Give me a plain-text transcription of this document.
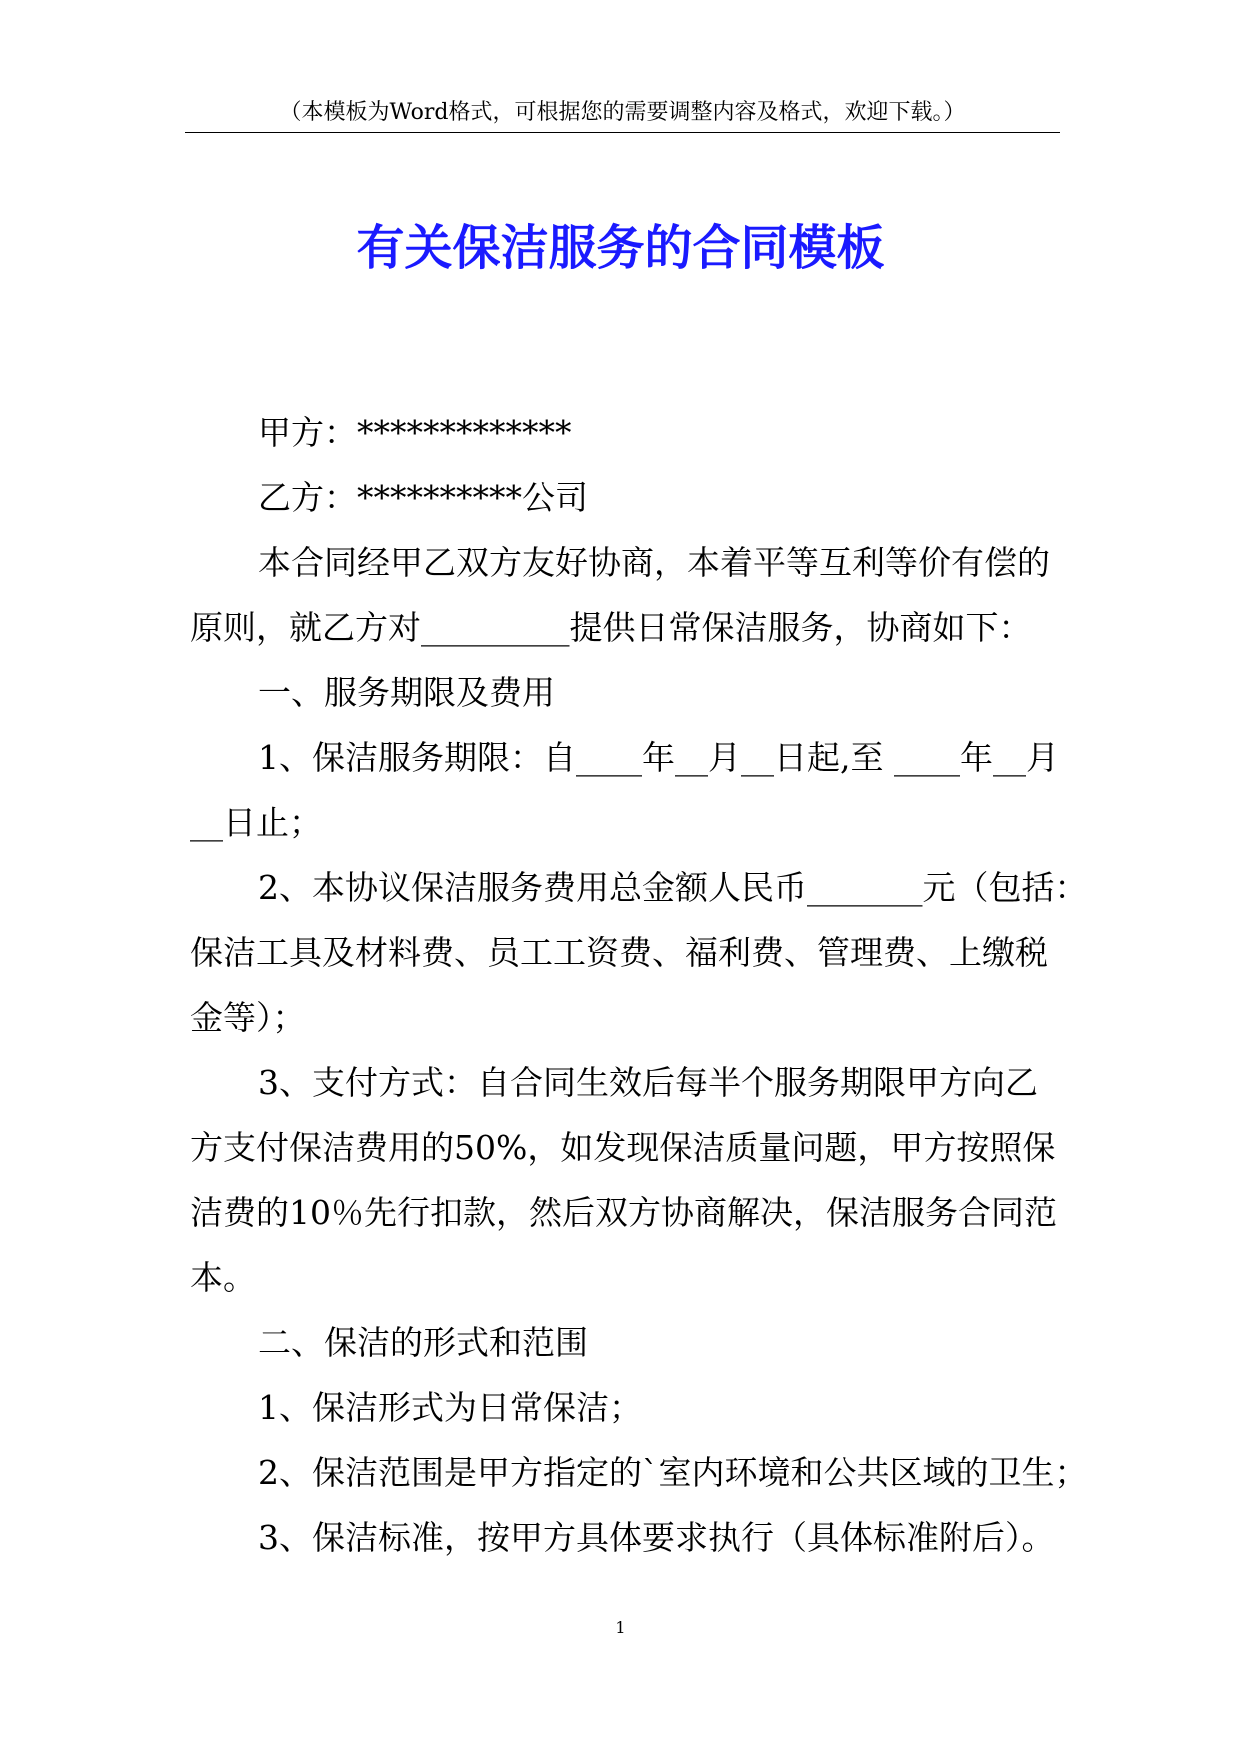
（本模板为Word格式，可根据您的需要调整内容及格式，欢迎下载。）
有关保洁服务的合同模板

甲方：*************

乙方：**********公司

本合同经甲乙双方友好协商，本着平等互利等价有偿的

原则，就乙方对_________提供日常保洁服务，协商如下：

一、服务期限及费用

1、保洁服务期限：自____年__月__日起,至 ____年__月

__日止；

2、本协议保洁服务费用总金额人民币_______元（包括：

保洁工具及材料费、员工工资费、福利费、管理费、上缴税

金等）；

3、支付方式：自合同生效后每半个服务期限甲方向乙

方支付保洁费用的50%，如发现保洁质量问题，甲方按照保

洁费的10％先行扣款，然后双方协商解决，保洁服务合同范

本。

二、保洁的形式和范围

1、保洁形式为日常保洁；

2、保洁范围是甲方指定的`室内环境和公共区域的卫生；

3、保洁标准，按甲方具体要求执行（具体标准附后）。

1
